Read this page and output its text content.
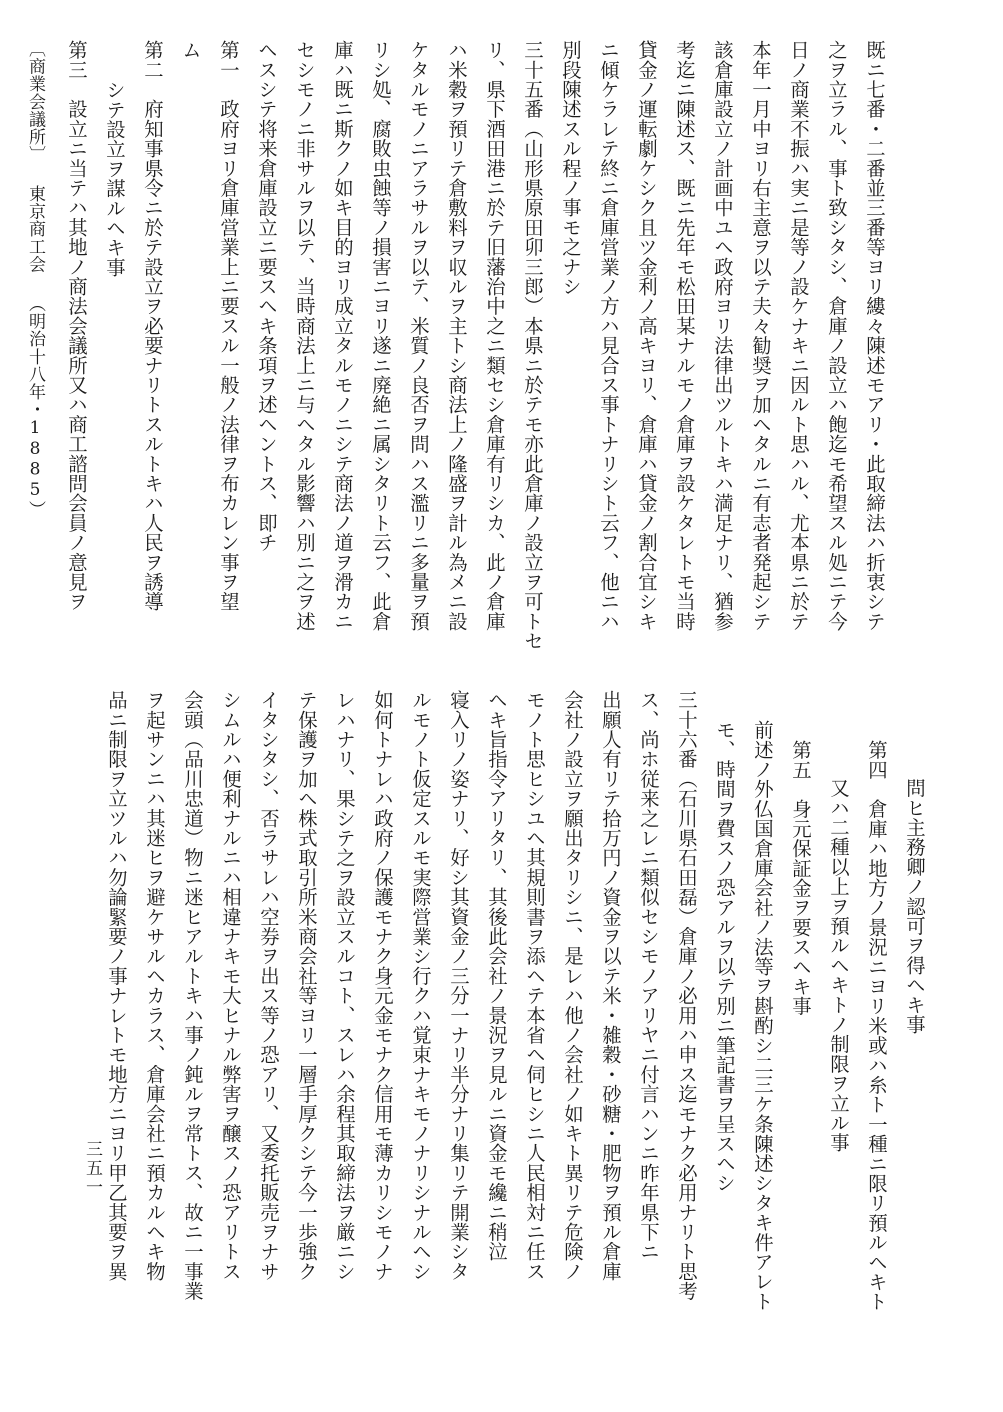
既ニ七番・二番並三番等ヨリ縷々陳述モアリ・此取締法ハ折衷シテ
之ヲ立ラル、事ト致シタシ、倉庫ノ設立ハ飽迄モ希望スル処ニテ今
日ノ商業不振ハ実ニ是等ノ設ケナキニ因ルト思ハル、尤本県ニ於テ
本年一月中ヨリ右主意ヲ以テ夫々勧奨ヲ加ヘタルニ有志者発起シテ
該倉庫設立ノ計画中ユヘ政府ヨリ法律出ツルトキハ満足ナリ、猶参
考迄ニ陳述ス、既ニ先年モ松田某ナルモノ倉庫ヲ設ケタレトモ当時
貸金ノ運転劇ケシク且ツ金利ノ高キヨリ、倉庫ハ貸金ノ割合宜シキ
ニ傾ケラレテ終ニ倉庫営業ノ方ハ見合ス事トナリシト云フ、他ニハ
別段陳述スル程ノ事モ之ナシ
三十五番（山形県原田卯三郎）本県ニ於テモ亦此倉庫ノ設立ヲ可トセ
リ、県下酒田港ニ於テ旧藩治中之ニ類セシ倉庫有リシカ、此ノ倉庫
ハ米穀ヲ預リテ倉敷料ヲ収ルヲ主トシ商法上ノ隆盛ヲ計ル為メニ設
ケタルモノニアラサルヲ以テ、米質ノ良否ヲ問ハス濫リニ多量ヲ預
リシ処、腐敗虫蝕等ノ損害ニヨリ遂ニ廃絶ニ属シタリト云フ、此倉
庫ハ既ニ斯クノ如キ目的ヨリ成立タルモノニシテ商法ノ道ヲ滑カニ
セシモノニ非サルヲ以テ、当時商法上ニ与ヘタル影響ハ別ニ之ヲ述
ヘスシテ将来倉庫設立ニ要スヘキ条項ヲ述ヘントス、即チ
第一　政府ヨリ倉庫営業上ニ要スル一般ノ法律ヲ布カレン事ヲ望
ム
第二　府知事県令ニ於テ設立ヲ必要ナリトスルトキハ人民ヲ誘導
シテ設立ヲ謀ルヘキ事
第三　設立ニ当テハ其地ノ商法会議所又ハ商工諮問会員ノ意見ヲ
〔商業会議所〕東京商工会（明治十八年・1885）
問ヒ主務卿ノ認可ヲ得ヘキ事
第四　倉庫ハ地方ノ景況ニヨリ米或ハ糸ト一種ニ限リ預ルヘキト
又ハ二種以上ヲ預ルヘキトノ制限ヲ立ル事
第五　身元保証金ヲ要スヘキ事
前述ノ外仏国倉庫会社ノ法等ヲ斟酌シ二三ケ条陳述シタキ件アレト
モ、時間ヲ費スノ恐アルヲ以テ別ニ筆記書ヲ呈スヘシ
三十六番（石川県石田磊）倉庫ノ必用ハ申ス迄モナク必用ナリト思考
ス、尚ホ従来之レニ類似セシモノアリヤニ付言ハンニ昨年県下ニ
出願人有リテ拾万円ノ資金ヲ以テ米・雑穀・砂糖・肥物ヲ預ル倉庫
会社ノ設立ヲ願出タリシニ、是レハ他ノ会社ノ如キト異リテ危険ノ
モノト思ヒシユヘ其規則書ヲ添ヘテ本省ヘ伺ヒシニ人民相対ニ任ス
ヘキ旨指令アリタリ、其後此会社ノ景況ヲ見ルニ資金モ纔ニ稍泣
寝入リノ姿ナリ、好シ其資金ノ三分一ナリ半分ナリ集リテ開業シタ
ルモノト仮定スルモ実際営業シ行クハ覚束ナキモノナリシナルヘシ
如何トナレハ政府ノ保護モナク身元金モナク信用モ薄カリシモノナ
レハナリ、果シテ之ヲ設立スルコト、スレハ余程其取締法ヲ厳ニシ
テ保護ヲ加ヘ株式取引所米商会社等ヨリ一層手厚クシテ今一歩強ク
イタシタシ、否ラサレハ空券ヲ出ス等ノ恐アリ、又委托販売ヲナサ
シムルハ便利ナルニハ相違ナキモ大ヒナル弊害ヲ醸スノ恐アリトス
会頭（品川忠道）物ニ迷ヒアルトキハ事ノ鈍ルヲ常トス、故ニ一事業
ヲ起サンニハ其迷ヒヲ避ケサルヘカラス、倉庫会社ニ預カルヘキ物
品ニ制限ヲ立ツルハ勿論緊要ノ事ナレトモ地方ニヨリ甲乙其要ヲ異
三五一
